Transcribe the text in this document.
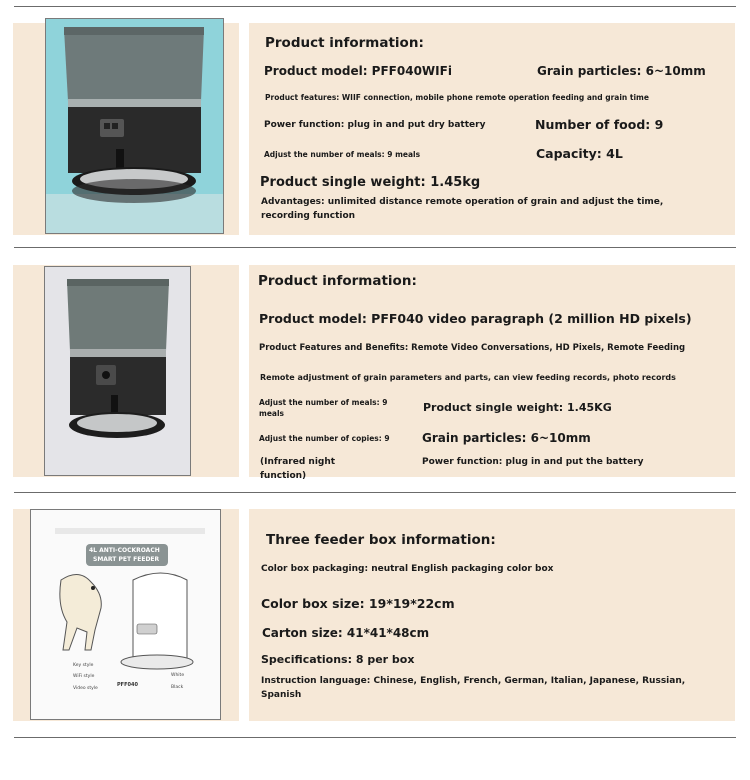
Product information:
Product model: PFF040WIFi	Grain particles: 6~10mm
Product features: WIIF connection, mobile phone remote operation feeding and grain time
Power function: plug in and put dry battery	Number of food: 9
Adjust the number of meals: 9 meals	Capacity: 4L
Product single weight: 1.45kg
Advantages: unlimited distance remote operation of grain and adjust the time, recording function
Product information:
Product model: PFF040 video paragraph (2 million HD pixels)
Product Features and Benefits: Remote Video Conversations, HD Pixels, Remote Feeding
Remote adjustment of grain parameters and parts, can view feeding records, photo records
Adjust the number of meals: 9 meals	Product single weight: 1.45KG
Adjust the number of copies: 9	Grain particles: 6~10mm
(Infrared night function)
Power function: plug in and put the battery
4L ANTI-COCKROACH
SMART PET FEEDER
Key style
WiFi style
Video style
White
Black
PFF040
Three feeder box information:
Color box packaging: neutral English packaging color box
Color box size: 19*19*22cm
Carton size: 41*41*48cm
Specifications: 8 per box
Instruction language: Chinese, English, French, German, Italian, Japanese, Russian, Spanish
